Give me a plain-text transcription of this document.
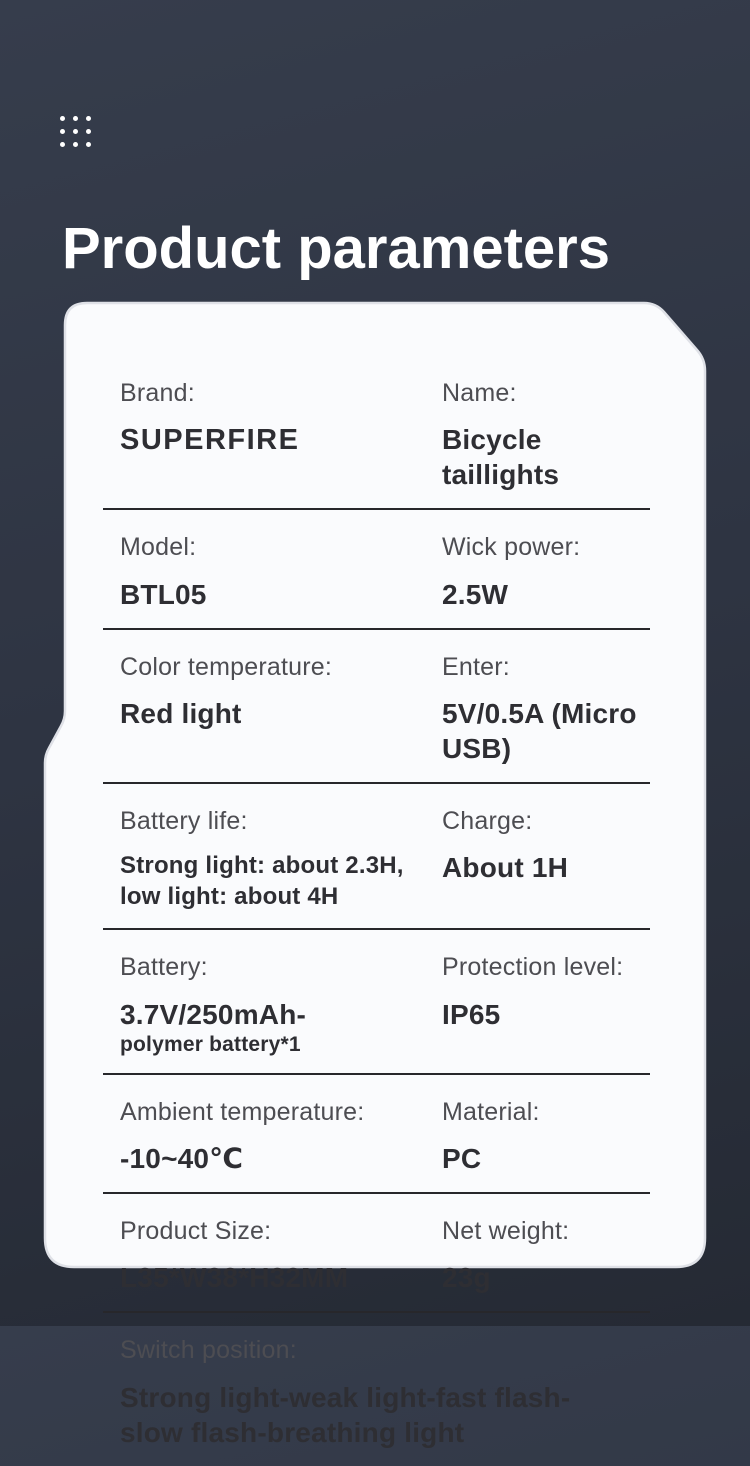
Product parameters
Brand:
SUPERFIRE
Name:
Bicycle taillights
Model:
BTL05
Wick power:
2.5W
Color temperature:
Red light
Enter:
5V/0.5A (Micro USB)
Battery life:
Strong light: about 2.3H,
low light: about 4H
Charge:
About 1H
Battery:
3.7V/250mAh-
polymer battery*1
Protection level:
IP65
Ambient temperature:
-10~40℃
Material:
PC
Product Size:
L35*W38*H32MM
Net weight:
23g
Switch position:
Strong light-weak light-fast flash-
slow flash-breathing light
